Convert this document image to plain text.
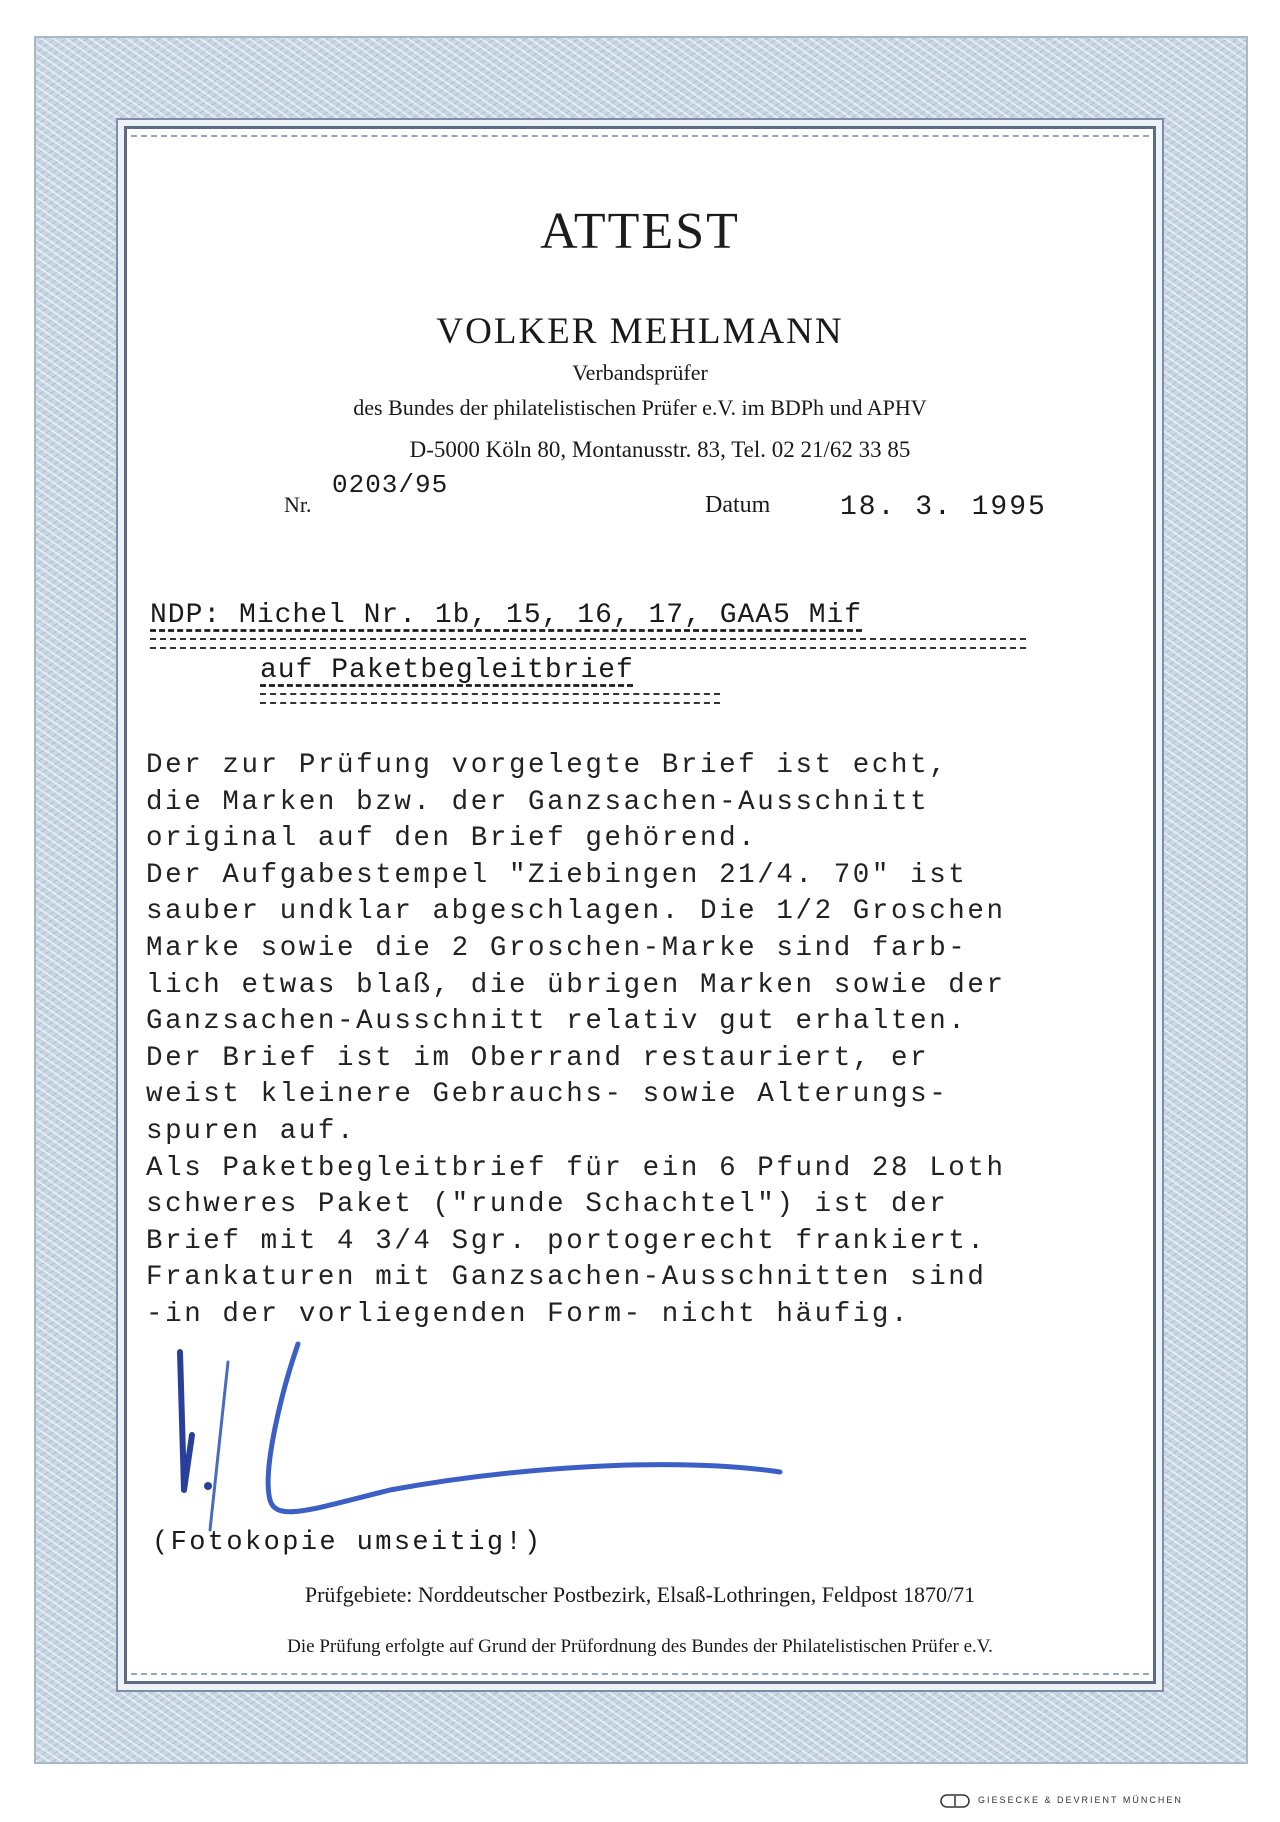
ATTEST
VOLKER MEHLMANN
Verbandsprüfer
des Bundes der philatelistischen Prüfer e.V. im BDPh und APHV
D-5000 Köln 80, Montanusstr. 83, Tel. 02 21/62 33 85
Nr.
0203/95
Datum 18. 3. 1995
NDP: Michel Nr. 1b, 15, 16, 17, GAA5 Mif
auf Paketbegleitbrief
Der zur Prüfung vorgelegte Brief ist echt,
die Marken bzw. der Ganzsachen-Ausschnitt
original auf den Brief gehörend.
Der Aufgabestempel "Ziebingen 21/4. 70" ist
sauber undklar abgeschlagen. Die 1/2 Groschen
Marke sowie die 2 Groschen-Marke sind farb-
lich etwas blaß, die übrigen Marken sowie der
Ganzsachen-Ausschnitt relativ gut erhalten.
Der Brief ist im Oberrand restauriert, er
weist kleinere Gebrauchs- sowie Alterungs-
spuren auf.
Als Paketbegleitbrief für ein 6 Pfund 28 Loth
schweres Paket ("runde Schachtel") ist der
Brief mit 4 3/4 Sgr. portogerecht frankiert.
Frankaturen mit Ganzsachen-Ausschnitten sind
-in der vorliegenden Form- nicht häufig.
(Fotokopie umseitig!)
Prüfgebiete: Norddeutscher Postbezirk, Elsaß-Lothringen, Feldpost 1870/71
Die Prüfung erfolgte auf Grund der Prüfordnung des Bundes der Philatelistischen Prüfer e.V.
GIESECKE & DEVRIENT MÜNCHEN
